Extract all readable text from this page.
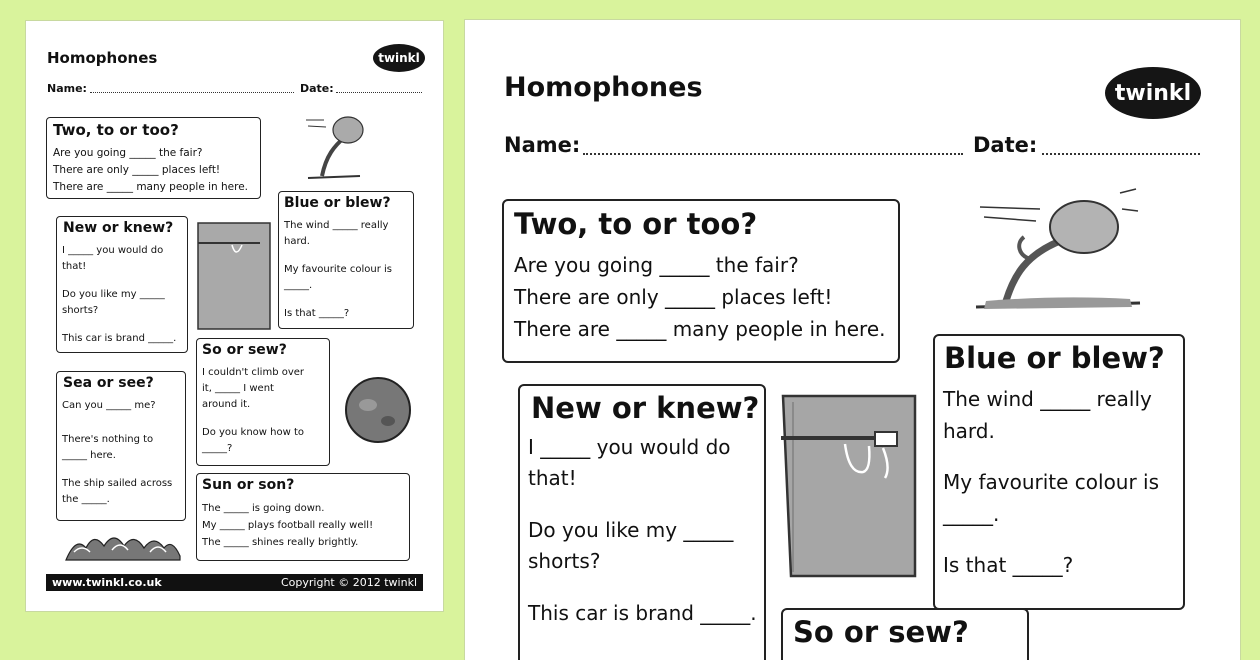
Homophones	twinkl
Name:	Date:
Two, to or too?
Are you going _____ the fair?
There are only _____ places left!
There are _____ many people in here.
New or knew?
I _____ you would do
that!
Do you like my _____
shorts?
This car is brand _____.
Blue or blew?
The wind _____ really
hard.
My favourite colour is
_____.
Is that _____?
So or sew?
I couldn't climb over
it, _____ I went
around it.
Do you know how to
_____?
Sea or see?
Can you _____ me?
There's nothing to
_____ here.
The ship sailed across
the _____.
Sun or son?
The _____ is going down.
My _____ plays football really well!
The _____ shines really brightly.
www.twinkl.co.uk	Copyright © 2012 twinkl
Homophones	twinkl
Name:	Date:
Two, to or too?
Are you going _____ the fair?
There are only _____ places left!
There are _____ many people in here.
New or knew?
I _____ you would do
that!
Do you like my _____
shorts?
This car is brand _____.
Blue or blew?
The wind _____ really
hard.
My favourite colour is
_____.
Is that _____?
So or sew?
